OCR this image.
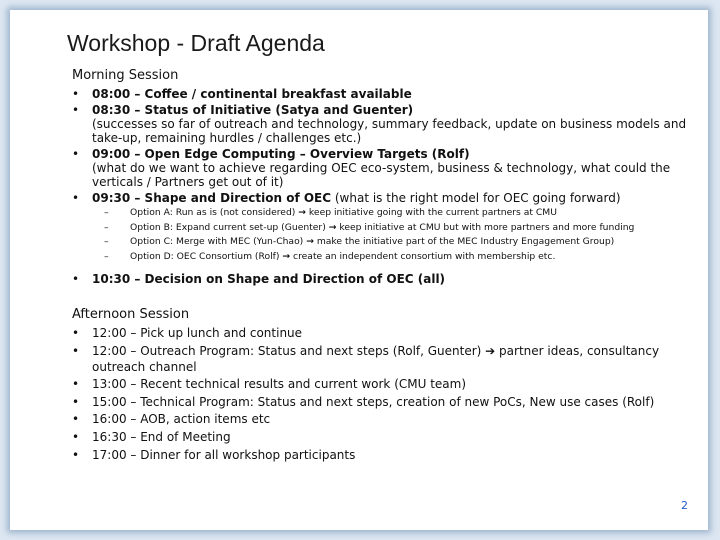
Workshop - Draft Agenda
Morning Session
• 08:00 – Coffee / continental breakfast available
• 08:30 – Status of Initiative (Satya and Guenter)
(successes so far of outreach and technology, summary feedback, update on business models and take-up, remaining hurdles / challenges etc.)
• 09:00 – Open Edge Computing – Overview Targets (Rolf)
(what do we want to achieve regarding OEC eco-system, business & technology, what could the verticals / Partners get out of it)
• 09:30 – Shape and Direction of OEC (what is the right model for OEC going forward)
– Option A: Run as is (not considered) → keep initiative going with the current partners at CMU
– Option B: Expand current set-up (Guenter) → keep initiative at CMU but with more partners and more funding
– Option C: Merge with MEC (Yun-Chao) → make the initiative part of the MEC Industry Engagement Group)
– Option D: OEC Consortium (Rolf) → create an independent consortium with membership etc.
• 10:30 – Decision on Shape and Direction of OEC (all)
Afternoon Session
• 12:00 – Pick up lunch and continue
• 12:00 – Outreach Program: Status and next steps (Rolf, Guenter) ➔ partner ideas, consultancy outreach channel
• 13:00 – Recent technical results and current work (CMU team)
• 15:00 – Technical Program: Status and next steps, creation of new PoCs, New use cases (Rolf)
• 16:00 – AOB, action items etc
• 16:30 – End of Meeting
• 17:00 – Dinner for all workshop participants
2
